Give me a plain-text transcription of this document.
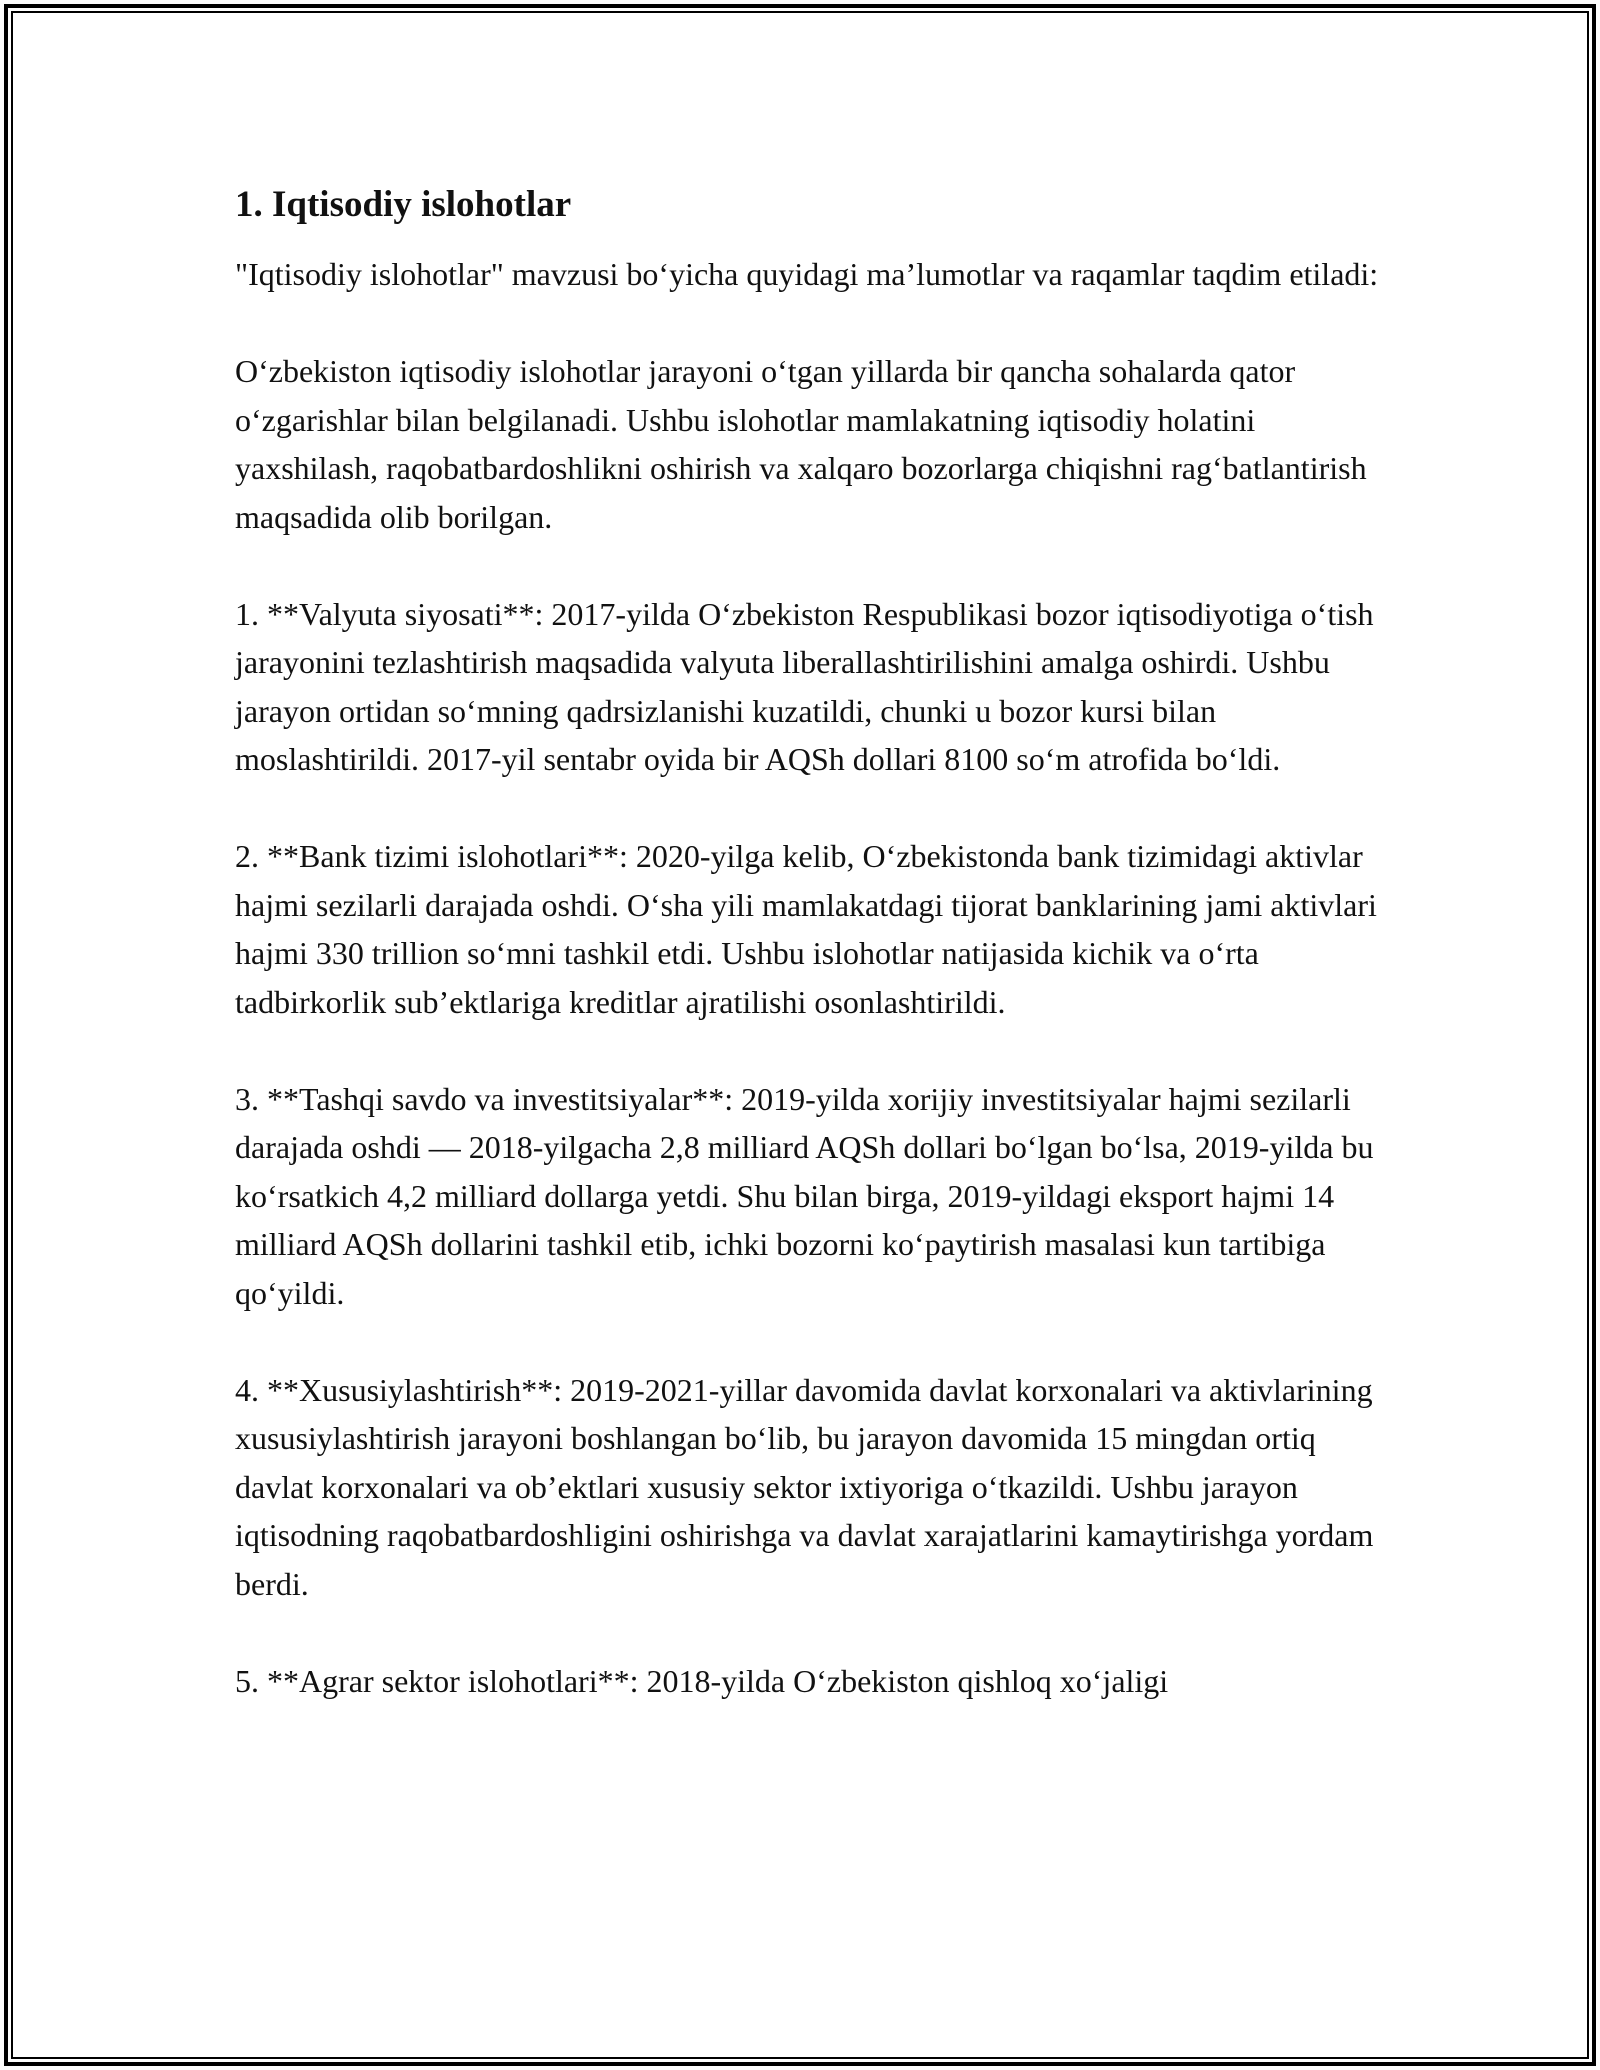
1. Iqtisodiy islohotlar

"Iqtisodiy islohotlar" mavzusi bo‘yicha quyidagi ma’lumotlar va raqamlar taqdim etiladi:

O‘zbekiston iqtisodiy islohotlar jarayoni o‘tgan yillarda bir qancha sohalarda qator o‘zgarishlar bilan belgilanadi. Ushbu islohotlar mamlakatning iqtisodiy holatini yaxshilash, raqobatbardoshlikni oshirish va xalqaro bozorlarga chiqishni rag‘batlantirish maqsadida olib borilgan.

1. **Valyuta siyosati**: 2017-yilda O‘zbekiston Respublikasi bozor iqtisodiyotiga o‘tish jarayonini tezlashtirish maqsadida valyuta liberallashtirilishini amalga oshirdi. Ushbu jarayon ortidan so‘mning qadrsizlanishi kuzatildi, chunki u bozor kursi bilan moslashtirildi. 2017-yil sentabr oyida bir AQSh dollari 8100 so‘m atrofida bo‘ldi.

2. **Bank tizimi islohotlari**: 2020-yilga kelib, O‘zbekistonda bank tizimidagi aktivlar hajmi sezilarli darajada oshdi. O‘sha yili mamlakatdagi tijorat banklarining jami aktivlari hajmi 330 trillion so‘mni tashkil etdi. Ushbu islohotlar natijasida kichik va o‘rta tadbirkorlik sub’ektlariga kreditlar ajratilishi osonlashtirildi.

3. **Tashqi savdo va investitsiyalar**: 2019-yilda xorijiy investitsiyalar hajmi sezilarli darajada oshdi — 2018-yilgacha 2,8 milliard AQSh dollari bo‘lgan bo‘lsa, 2019-yilda bu ko‘rsatkich 4,2 milliard dollarga yetdi. Shu bilan birga, 2019-yildagi eksport hajmi 14 milliard AQSh dollarini tashkil etib, ichki bozorni ko‘paytirish masalasi kun tartibiga qo‘yildi.

4. **Xususiylashtirish**: 2019-2021-yillar davomida davlat korxonalari va aktivlarining xususiylashtirish jarayoni boshlangan bo‘lib, bu jarayon davomida 15 mingdan ortiq davlat korxonalari va ob’ektlari xususiy sektor ixtiyoriga o‘tkazildi. Ushbu jarayon iqtisodning raqobatbardoshligini oshirishga va davlat xarajatlarini kamaytirishga yordam berdi.

5. **Agrar sektor islohotlari**: 2018-yilda O‘zbekiston qishloq xo‘jaligi
